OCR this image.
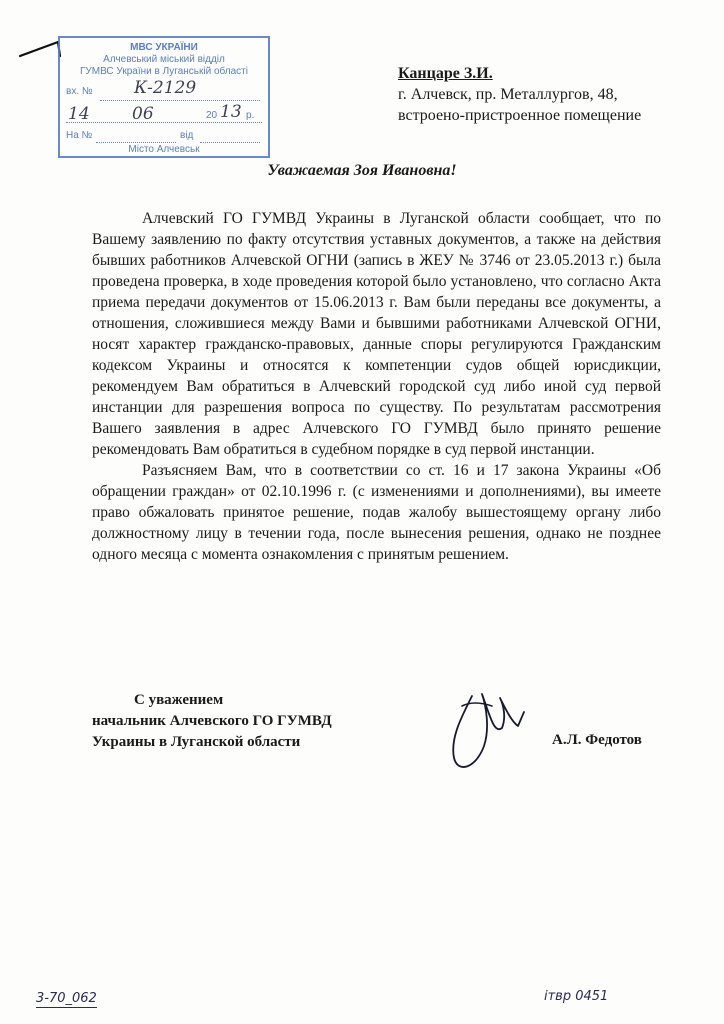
МВС УКРАЇНИ
Алчевський міський відділ
ГУМВС України в Луганській області
вх. № К-2129
14 06	20 13 р.
На №	від
Місто Алчевськ
Канцаре З.И.
г. Алчевск, пр. Металлургов, 48,
встроено-пристроенное помещение
Уважаемая Зоя Ивановна!

Алчевский ГО ГУМВД Украины в Луганской области сообщает, что по Вашему заявлению по факту отсутствия уставных документов, а также на действия бывших работников Алчевской ОГНИ (запись в ЖЕУ № 3746 от 23.05.2013 г.) была проведена проверка, в ходе проведения которой было установлено, что согласно Акта приема передачи документов от 15.06.2013 г. Вам были переданы все документы, а отношения, сложившиеся между Вами и бывшими работниками Алчевской ОГНИ, носят характер гражданско-правовых, данные споры регулируются Гражданским кодексом Украины и относятся к компетенции судов общей юрисдикции, рекомендуем Вам обратиться в Алчевский городской суд либо иной суд первой инстанции для разрешения вопроса по существу. По результатам рассмотрения Вашего заявления в адрес Алчевского ГО ГУМВД было принято решение рекомендовать Вам обратиться в судебном порядке в суд первой инстанции.

Разъясняем Вам, что в соответствии со ст. 16 и 17 закона Украины «Об обращении граждан» от 02.10.1996 г. (с изменениями и дополнениями), вы имеете право обжаловать принятое решение, подав жалобу вышестоящему органу либо должностному лицу в течении года, после вынесения решения, однако не позднее одного месяца с момента ознакомления с принятым решением.

С уважением
начальник Алчевского ГО ГУМВД
Украины в Луганской области	А.Л. Федотов
3-70_062	ітвр 0451
